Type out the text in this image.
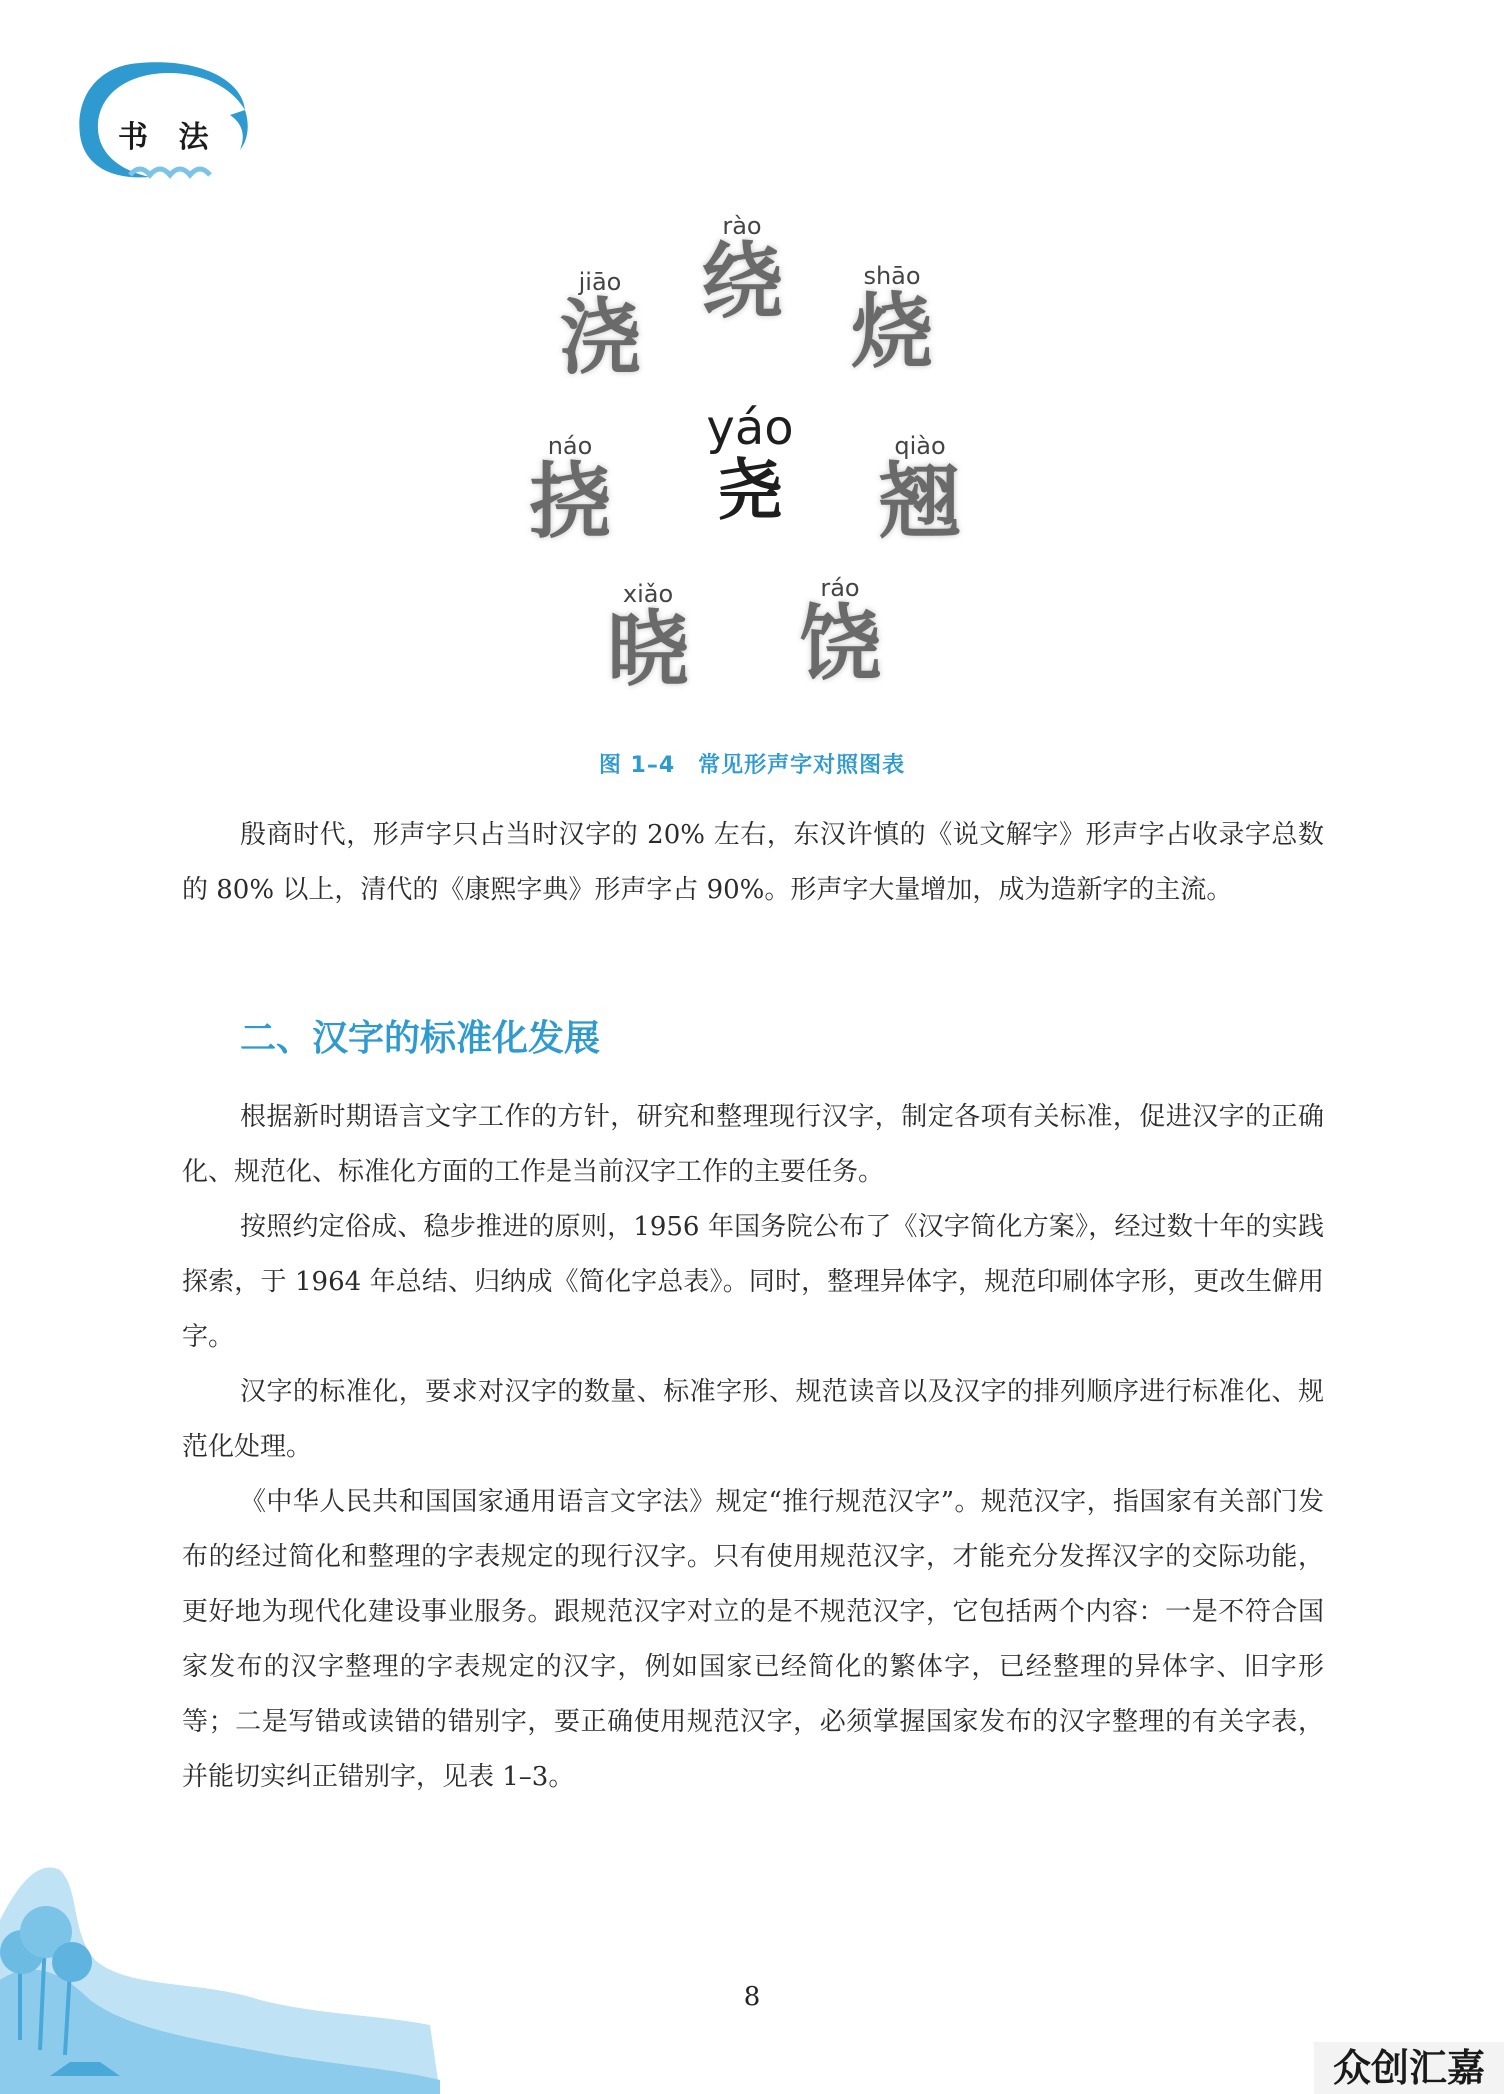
书 法
rào
绕
jiāo
浇
shāo
烧
yáo
尧
náo
挠
qiào
翘
xiǎo
晓
ráo
饶
图 1–4　常见形声字对照图表

殷商时代，形声字只占当时汉字的 20% 左右，东汉许慎的《说文解字》形声字占收录字总数的 80% 以上，清代的《康熙字典》形声字占 90%。形声字大量增加，成为造新字的主流。

二、汉字的标准化发展

根据新时期语言文字工作的方针，研究和整理现行汉字，制定各项有关标准，促进汉字的正确化、规范化、标准化方面的工作是当前汉字工作的主要任务。

按照约定俗成、稳步推进的原则，1956 年国务院公布了《汉字简化方案》，经过数十年的实践探索，于 1964 年总结、归纳成《简化字总表》。同时，整理异体字，规范印刷体字形，更改生僻用字。

汉字的标准化，要求对汉字的数量、标准字形、规范读音以及汉字的排列顺序进行标准化、规范化处理。

《中华人民共和国国家通用语言文字法》规定“推行规范汉字”。规范汉字，指国家有关部门发布的经过简化和整理的字表规定的现行汉字。只有使用规范汉字，才能充分发挥汉字的交际功能，更好地为现代化建设事业服务。跟规范汉字对立的是不规范汉字，它包括两个内容：一是不符合国家发布的汉字整理的字表规定的汉字，例如国家已经简化的繁体字，已经整理的异体字、旧字形等；二是写错或读错的错别字，要正确使用规范汉字，必须掌握国家发布的汉字整理的有关字表，并能切实纠正错别字，见表 1–3。

8
众创汇嘉
